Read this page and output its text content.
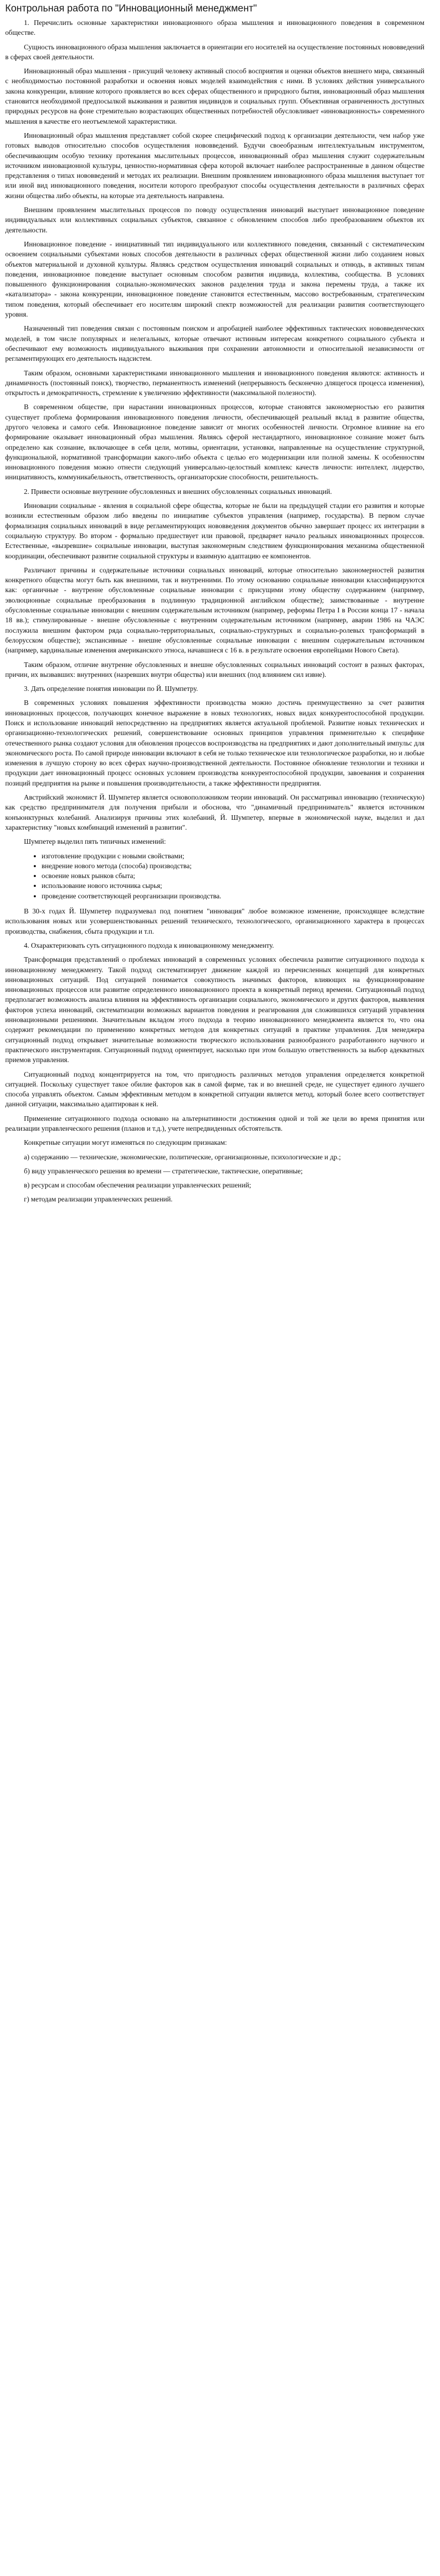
Контрольная работа по "Инновационный менеджмент"

1. Перечислить основные характеристики инновационного образа мышления и инновационного поведения в современном обществе.

Сущность инновационного образа мышления заключается в ориентации его носителей на осуществление постоянных нововведений в сферах своей деятельности.

Инновационный образ мышления - присущий человеку активный способ восприятия и оценки объектов внешнего мира, связанный с необходимостью постоянной разработки и освоения новых моделей взаимодействия с ними. В условиях действия универсального закона конкуренции, влияние которого проявляется во всех сферах общественного и природного бытия, инновационный образ мышления становится необходимой предпосылкой выживания и развития индивидов и социальных групп. Объективная ограниченность доступных природных ресурсов на фоне стремительно возрастающих общественных потребностей обусловливает «инновационность» современного мышления в качестве его неотъемлемой характеристики.

Инновационный образ мышления представляет собой скорее специфический подход к организации деятельности, чем набор уже готовых выводов относительно способов осуществления нововведений. Будучи своеобразным интеллектуальным инструментом, обеспечивающим особую технику протекания мыслительных процессов, инновационный образ мышления служит содержательным источником инновационной культуры, ценностно-нормативная сфера которой включает наиболее распространенные в данном обществе представления о типах нововведений и методах их реализации. Внешним проявлением инновационного образа мышления выступает тот или иной вид инновационного поведения, носители которого преобразуют способы осуществления деятельности в различных сферах жизни общества либо объекты, на которые эта деятельность направлена.

Внешним проявлением мыслительных процессов по поводу осуществления инноваций выступает инновационное поведение индивидуальных или коллективных социальных субъектов, связанное с обновлением способов либо преобразованием объектов их деятельности.

Инновационное поведение - инициативный тип индивидуального или коллективного поведения, связанный с систематическим освоением социальными субъектами новых способов деятельности в различных сферах общественной жизни либо созданием новых объектов материальной и духовной культуры. Являясь средством осуществления инноваций социальных и отнюдь, в активных типам поведения, инновационное поведение выступает основным способом развития индивида, коллектива, сообщества. В условиях повышенного функционирования социально-экономических законов разделения труда и закона перемены труда, а также их «катализатора» - закона конкуренции, инновационное поведение становится естественным, массово востребованным, стратегическим типом поведения, который обеспечивает его носителям широкий спектр возможностей для реализации развития соответствующего уровня.

Назначенный тип поведения связан с постоянным поиском и апробацией наиболее эффективных тактических нововведенческих моделей, в том числе популярных и нелегальных, которые отвечают истинным интересам конкретного социального субъекта и обеспечивают ему возможность индивидуального выживания при сохранении автономности и относительной независимости от регламентирующих его деятельность надсистем.

Таким образом, основными характеристиками инновационного мышления и инновационного поведения являются: активность и динамичность (постоянный поиск), творчество, перманентность изменений (непрерывность бесконечно длящегося процесса изменения), открытость и демократичность, стремление к увеличению эффективности (максимальной полезности).

В современном обществе, при нарастании инновационных процессов, которые становятся закономерностью его развития существует проблема формирования инновационного поведения личности, обеспечивающей реальный вклад в развитие общества, другого человека и самого себя. Инновационное поведение зависит от многих особенностей личности. Огромное влияние на его формирование оказывает инновационный образ мышления. Являясь сферой нестандартного, инновационное сознание может быть определено как сознание, включающее в себя цели, мотивы, ориентации, установки, направленные на осуществление структурной, функциональной, нормативной трансформации какого-либо объекта с целью его модернизации или полной замены. К особенностям инновационного поведения можно отнести следующий универсально-целостный комплекс качеств личности: интеллект, лидерство, инициативность, коммуникабельность, ответственность, организаторские способности, решительность.

2. Привести основные внутренние обусловленных и внешних обусловленных социальных инноваций.

Инновации социальные - явления в социальной сфере общества, которые не были на предыдущей стадии его развития и которые возникли естественным образом либо введены по инициативе субъектов управления (например, государства). В первом случае формализация социальных инноваций в виде регламентирующих нововведения документов обычно завершает процесс их интеграции в социальную структуру. Во втором - формально предшествует или правовой, предваряет начало реальных инновационных процессов. Естественные, «вызревшие» социальные инновации, выступая закономерным следствием функционирования механизма общественной координации, обеспечивают развитие социальной структуры и взаимную адаптацию ее компонентов.

Различают причины и содержательные источники социальных инноваций, которые относительно закономерностей развития конкретного общества могут быть как внешними, так и внутренними. По этому основанию социальные инновации классифицируются как: органичные - внутренне обусловленные социальные инновации с присущими этому обществу содержанием (например, эволюционные социальные преобразования в подлинную традиционной английском обществе); заимствованные - внутренне обусловленные социальные инновации с внешним содержательным источником (например, реформы Петра I в России конца 17 - начала 18 вв.); стимулированные - внешне обусловленные с внутренним содержательным источником (например, аварии 1986 на ЧАЭС послужила внешним фактором ряда социально-территориальных, социально-структурных и социально-ролевых трансформаций в белорусском обществе); экспансивные - внешне обусловленные социальные инновации с внешним содержательным источником (например, кардинальные изменения американского этноса, начавшиеся с 16 в. в результате освоения европейцами Нового Света).

Таким образом, отличие внутренне обусловленных и внешне обусловленных социальных инноваций состоит в разных факторах, причин, их вызвавших: внутренних (назревших внутри общества) или внешних (под влиянием сил извне).

3. Дать определение понятия инновации по Й. Шумпетру.

В современных условиях повышения эффективности производства можно достичь преимущественно за счет развития инновационных процессов, получающих конечное выражение в новых технологиях, новых видах конкурентоспособной продукции. Поиск и использование инноваций непосредственно на предприятиях является актуальной проблемой. Развитие новых технических и организационно-технологических решений, совершенствование основных принципов управления применительно к специфике отечественного рынка создают условия для обновления процессов воспроизводства на предприятиях и дают дополнительный импульс для экономического роста. По самой природе инновации включают в себя не только техническое или технологическое разработки, но и любые изменения в лучшую сторону во всех сферах научно-производственной деятельности. Постоянное обновление технологии и техники и продукции дает инновационный процесс основных условием производства конкурентоспособной продукции, завоевания и сохранения позиций предприятия на рынке и повышения производительности, а также эффективности предприятия.

Австрийский экономист Й. Шумпетер является основоположником теории инноваций. Он рассматривал инновацию (техническую) как средство предпринимателя для получения прибыли и обоснова, что "динамичный предприниматель" является источником конъюнктурных колебаний. Анализируя причины этих колебаний, Й. Шумпетер, впервые в экономической науке, выделил и дал характеристику "новых комбинаций изменений в развитии".

Шумпетер выделил пять типичных изменений:

• изготовление продукции с новыми свойствами;
• внедрение нового метода (способа) производства;
• освоение новых рынков сбыта;
• использование нового источника сырья;
• проведение соответствующей реорганизации производства.

В 30-х годах Й. Шумпетер подразумевал под понятием "инновация" любое возможное изменение, происходящее вследствие использования новых или усовершенствованных решений технического, технологического, организационного характера в процессах производства, снабжения, сбыта продукции и т.п.

4. Охарактеризовать суть ситуационного подхода к инновационному менеджменту.

Трансформация представлений о проблемах инноваций в современных условиях обеспечила развитие ситуационного подхода к инновационному менеджменту. Такой подход систематизирует движение каждой из перечисленных концепций для конкретных инновационных ситуаций. Под ситуацией понимается совокупность значимых факторов, влияющих на функционирование инновационных процессов или развитие определенного инновационного проекта в конкретный период времени. Ситуационный подход предполагает возможность анализа влияния на эффективность организации социального, экономического и других факторов, выявления факторов успеха инноваций, систематизации возможных вариантов поведения и реагирования для сложившихся ситуаций управления инновационными решениями. Значительным вкладом этого подхода в теорию инновационного менеджмента является то, что она содержит рекомендации по применению конкретных методов для конкретных ситуаций в практике управления. Для менеджера ситуационный подход открывает значительные возможности творческого использования разнообразного разработанного научного и практического инструментария. Ситуационный подход ориентирует, насколько при этом большую ответственность за выбор адекватных приемов управления.

Ситуационный подход концентрируется на том, что пригодность различных методов управления определяется конкретной ситуацией. Поскольку существует такое обилие факторов как в самой фирме, так и во внешней среде, не существует единого лучшего способа управлять объектом. Самым эффективным методом в конкретной ситуации является метод, который более всего соответствует данной ситуации, максимально адаптирован к ней.

Применение ситуационного подхода основано на альтернативности достижения одной и той же цели во время принятия или реализации управленческого решения (планов и т.д.), учете непредвиденных обстоятельств.

Конкретные ситуации могут изменяться по следующим признакам:

а) содержанию — технические, экономические, политические, организационные, психологические и др.;

б) виду управленческого решения во времени — стратегические, тактические, оперативные;

в) ресурсам и способам обеспечения реализации управленческих решений;

г) методам реализации управленческих решений.
